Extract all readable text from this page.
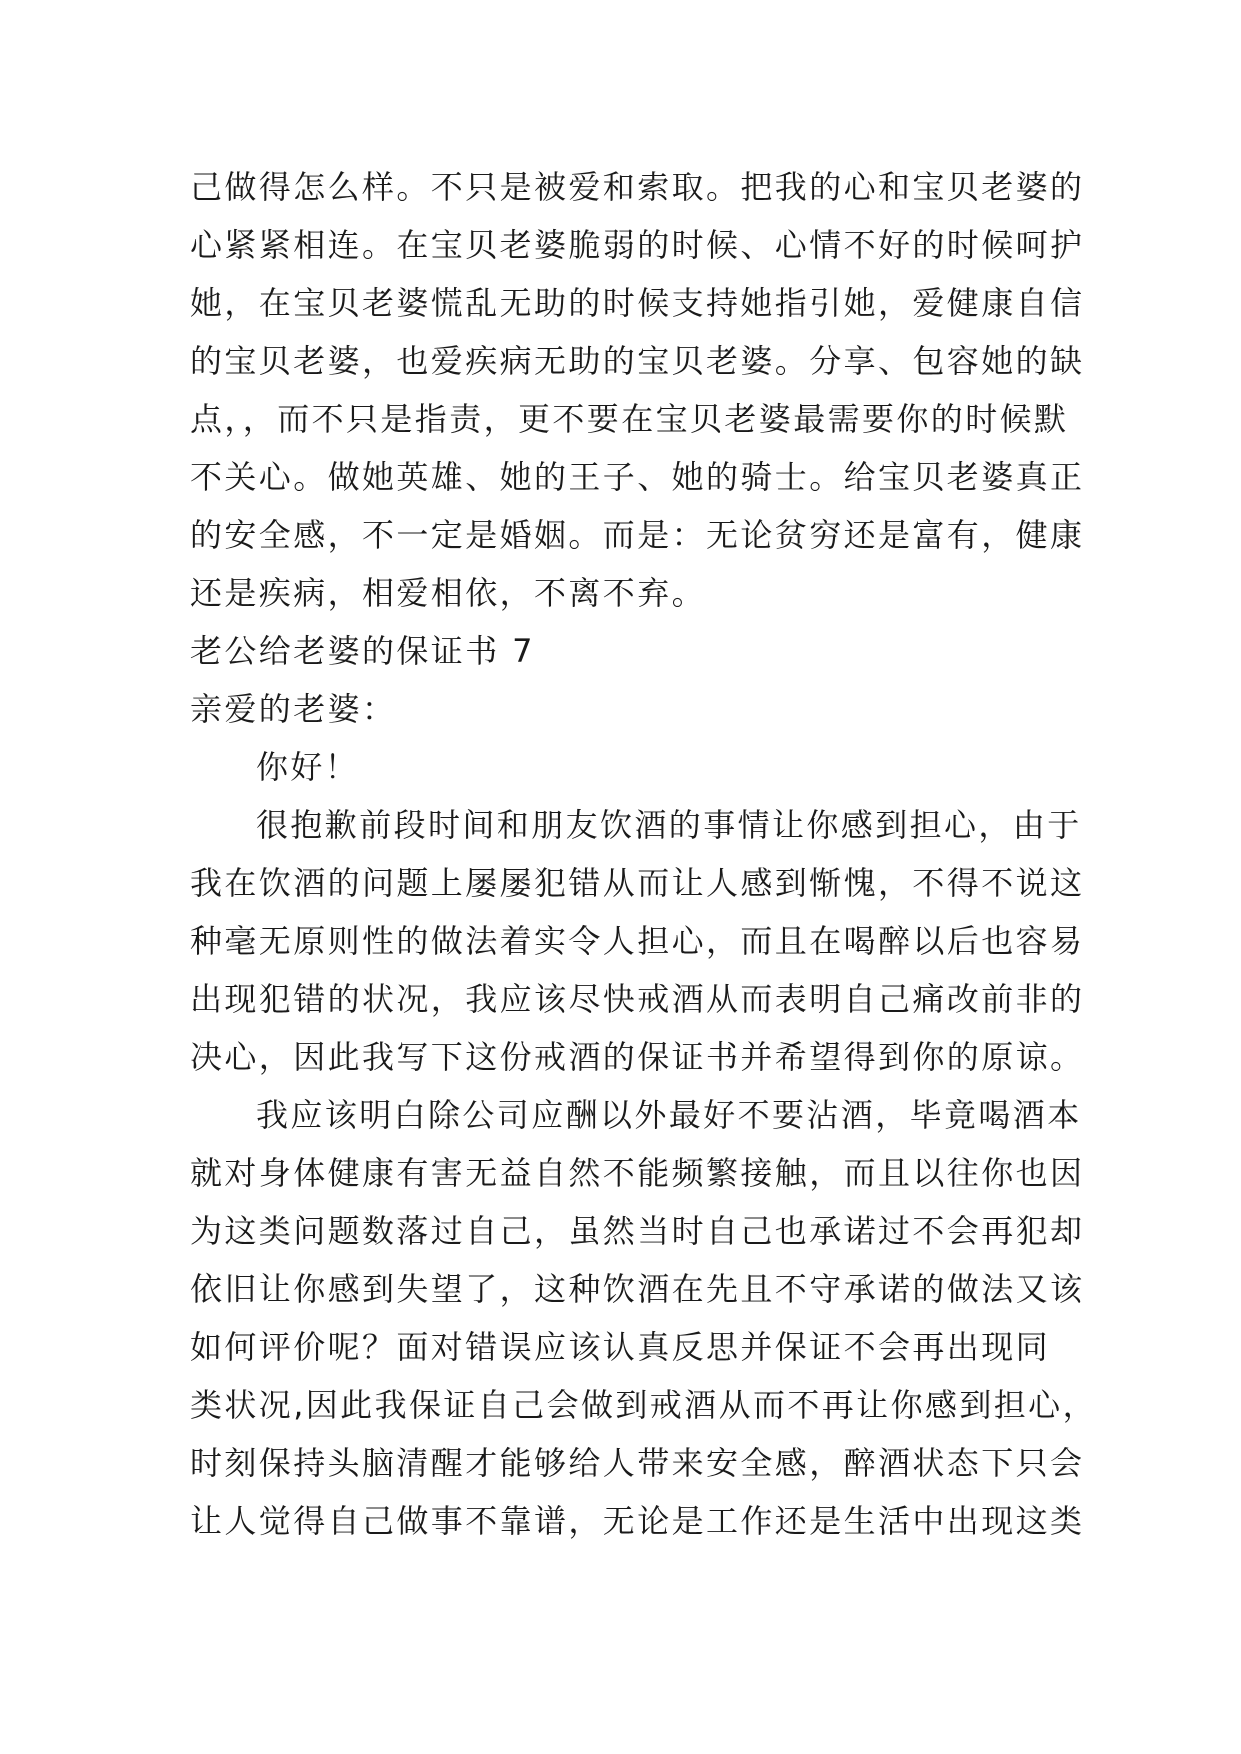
己做得怎么样。不只是被爱和索取。把我的心和宝贝老婆的
心紧紧相连。在宝贝老婆脆弱的时候、心情不好的时候呵护
她，在宝贝老婆慌乱无助的时候支持她指引她，爱健康自信
的宝贝老婆，也爱疾病无助的宝贝老婆。分享、包容她的缺
点，，而不只是指责，更不要在宝贝老婆最需要你的时候默
不关心。做她英雄、她的王子、她的骑士。给宝贝老婆真正
的安全感，不一定是婚姻。而是：无论贫穷还是富有，健康
还是疾病，相爱相依，不离不弃。
老公给老婆的保证书 7
亲爱的老婆：
你好！
很抱歉前段时间和朋友饮酒的事情让你感到担心，由于
我在饮酒的问题上屡屡犯错从而让人感到惭愧，不得不说这
种毫无原则性的做法着实令人担心，而且在喝醉以后也容易
出现犯错的状况，我应该尽快戒酒从而表明自己痛改前非的
决心，因此我写下这份戒酒的保证书并希望得到你的原谅。
我应该明白除公司应酬以外最好不要沾酒，毕竟喝酒本
就对身体健康有害无益自然不能频繁接触，而且以往你也因
为这类问题数落过自己，虽然当时自己也承诺过不会再犯却
依旧让你感到失望了，这种饮酒在先且不守承诺的做法又该
如何评价呢？面对错误应该认真反思并保证不会再出现同
类状况,因此我保证自己会做到戒酒从而不再让你感到担心，
时刻保持头脑清醒才能够给人带来安全感，醉酒状态下只会
让人觉得自己做事不靠谱，无论是工作还是生活中出现这类
